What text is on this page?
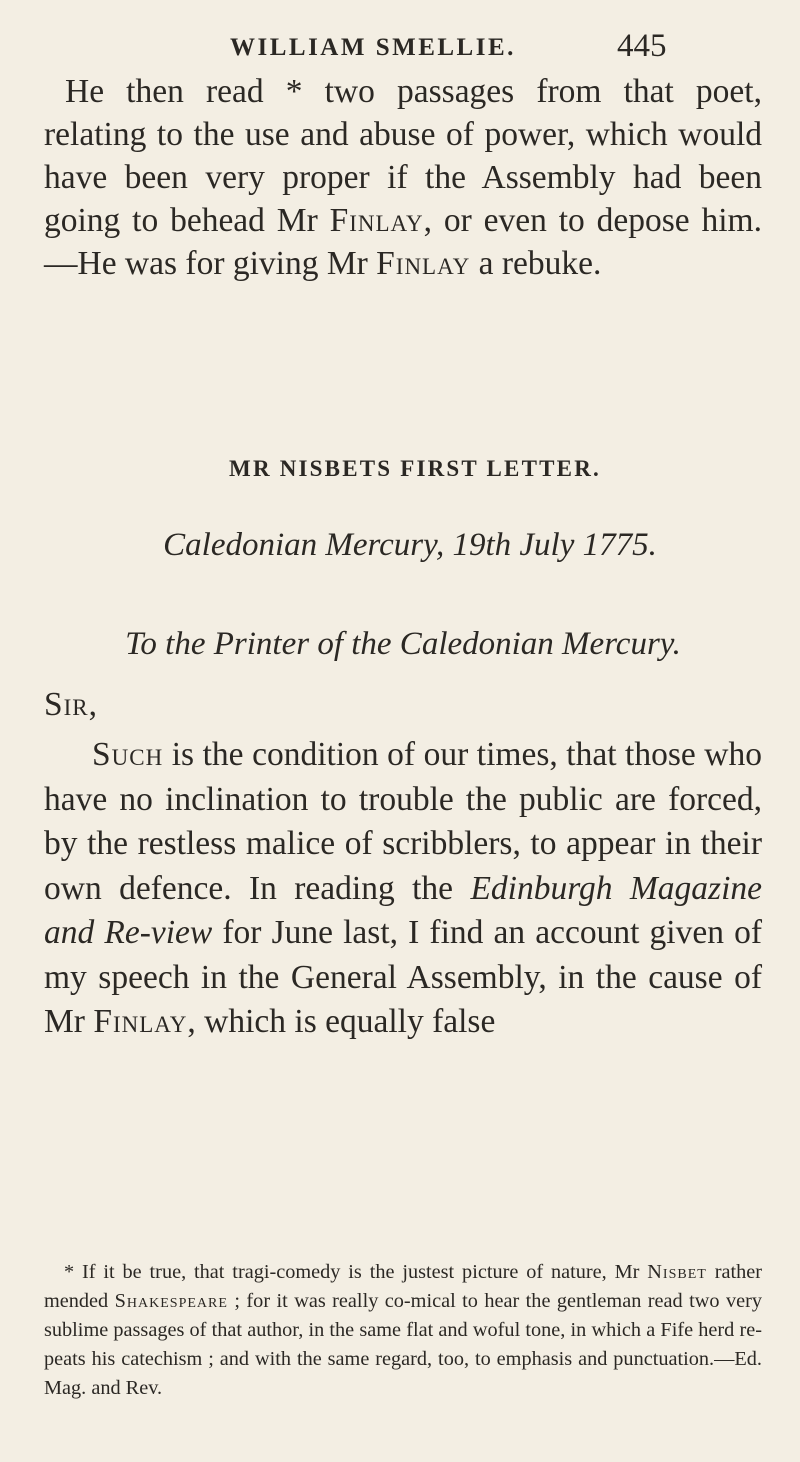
WILLIAM SMELLIE.	445

He then read * two passages from that poet, relating to the use and abuse of power, which would have been very proper if the Assembly had been going to behead Mr Finlay, or even to depose him.—He was for giving Mr Finlay a rebuke.

MR NISBETS FIRST LETTER.
Caledonian Mercury, 19th July 1775.
To the Printer of the Caledonian Mercury.
Sir,

Such is the condition of our times, that those who have no inclination to trouble the public are forced, by the restless malice of scribblers, to appear in their own defence. In reading the Edinburgh Magazine and Re-view for June last, I find an account given of my speech in the General Assembly, in the cause of Mr Finlay, which is equally false

* If it be true, that tragi-comedy is the justest picture of nature, Mr Nisbet rather mended Shakespeare ; for it was really co-mical to hear the gentleman read two very sublime passages of that author, in the same flat and woful tone, in which a Fife herd re-peats his catechism ; and with the same regard, too, to emphasis and punctuation.—Ed. Mag. and Rev.
